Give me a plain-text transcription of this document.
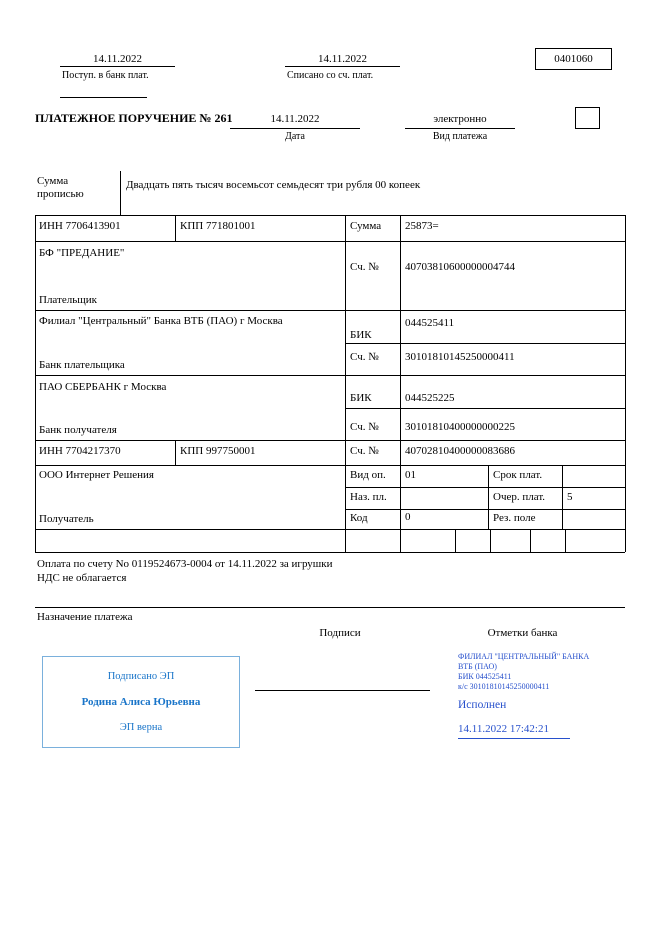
14.11.2022
Поступ. в банк плат.
14.11.2022
Списано со сч. плат.
0401060
ПЛАТЕЖНОЕ ПОРУЧЕНИЕ № 261	14.11.2022
Дата
электронно
Вид платежа
Сумма
прописью
Двадцать пять тысяч восемьсот семьдесят три рубля 00 копеек
ИНН 7706413901	КПП 771801001	Сумма 25873=
БФ "ПРЕДАНИЕ"
Плательщик
Сч. № 40703810600000004744
Филиал "Центральный" Банка ВТБ (ПАО) г Москва
Банк плательщика
БИК
044525411
Сч. № 30101810145250000411
ПАО СБЕРБАНК г Москва
Банк получателя
БИК	044525225
Сч. № 30101810400000000225
ИНН 7704217370	КПП 997750001	Сч. № 40702810400000083686
ООО Интернет Решения
Получатель
Вид оп. 01	Срок плат.
Наз. пл.	Очер. плат. 5
Код	0	Рез. поле
Оплата по счету No 0119524673-0004 от 14.11.2022 за игрушки
НДС не облагается
Назначение платежа
Подписи	Отметки банка
Подписано ЭП
Родина Алиса Юрьевна
ЭП верна
ФИЛИАЛ "ЦЕНТРАЛЬНЫЙ" БАНКА
ВТБ (ПАО)
БИК 044525411
к/с 30101810145250000411
Исполнен
14.11.2022 17:42:21
